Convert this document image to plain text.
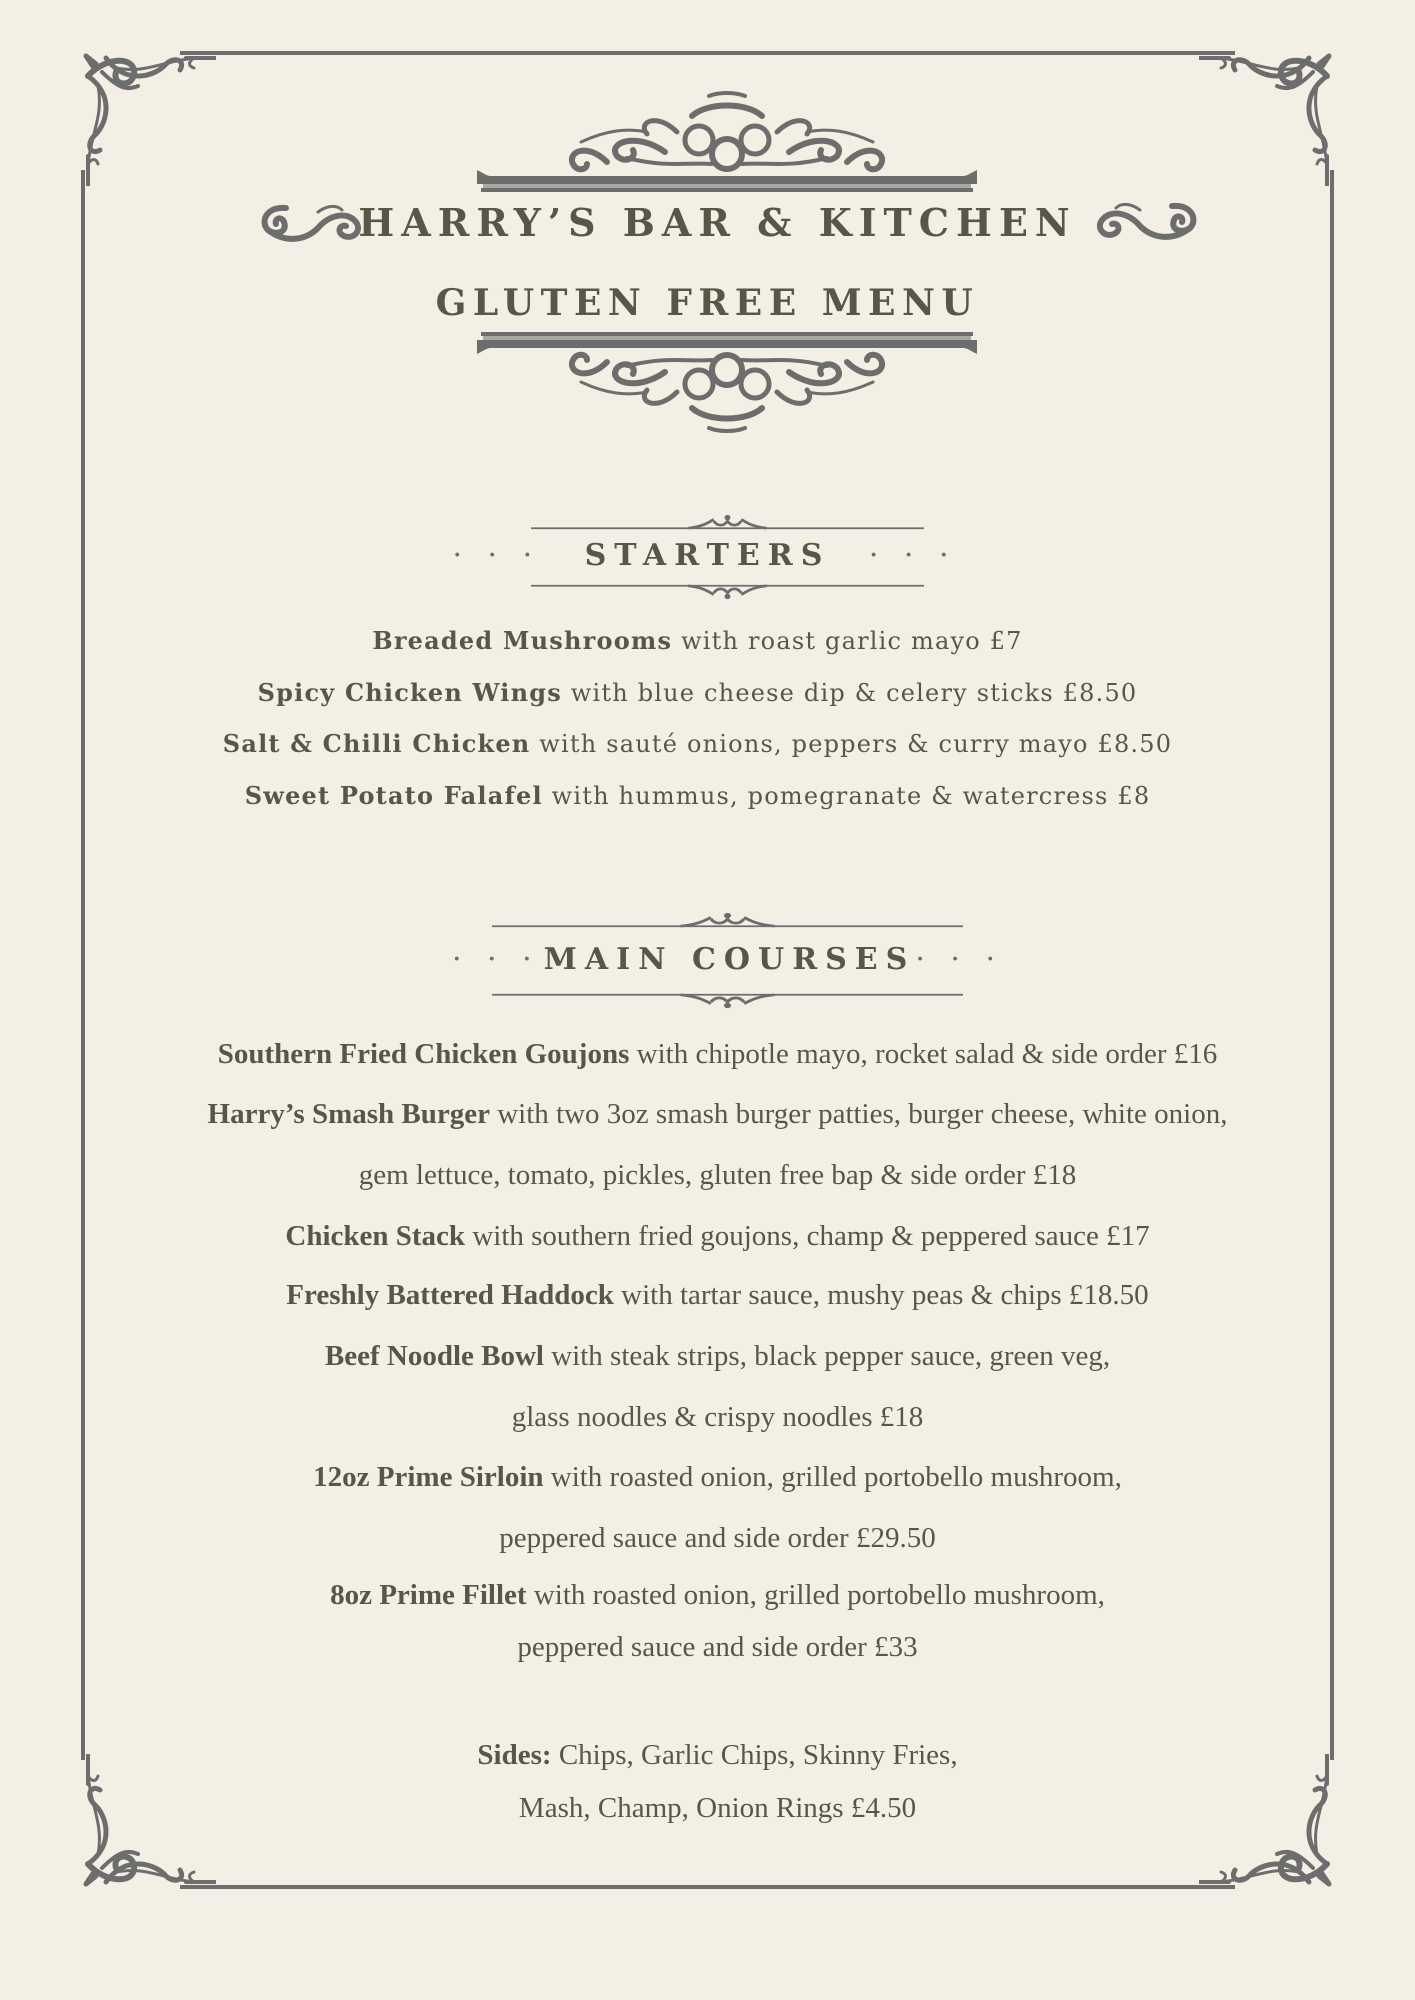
HARRY’S BAR & KITCHEN
GLUTEN FREE MENU
· · · STARTERS · · ·
Breaded Mushrooms with roast garlic mayo £7
Spicy Chicken Wings with blue cheese dip & celery sticks £8.50
Salt & Chilli Chicken with sauté onions, peppers & curry mayo £8.50
Sweet Potato Falafel with hummus, pomegranate & watercress £8
· · · MAIN COURSES· · ·
Southern Fried Chicken Goujons with chipotle mayo, rocket salad & side order £16
Harry’s Smash Burger with two 3oz smash burger patties, burger cheese, white onion,
gem lettuce, tomato, pickles, gluten free bap & side order £18
Chicken Stack with southern fried goujons, champ & peppered sauce £17
Freshly Battered Haddock with tartar sauce, mushy peas & chips £18.50
Beef Noodle Bowl with steak strips, black pepper sauce, green veg,
glass noodles & crispy noodles £18
12oz Prime Sirloin with roasted onion, grilled portobello mushroom,
peppered sauce and side order £29.50
8oz Prime Fillet with roasted onion, grilled portobello mushroom,
peppered sauce and side order £33
Sides: Chips, Garlic Chips, Skinny Fries,
Mash, Champ, Onion Rings £4.50
